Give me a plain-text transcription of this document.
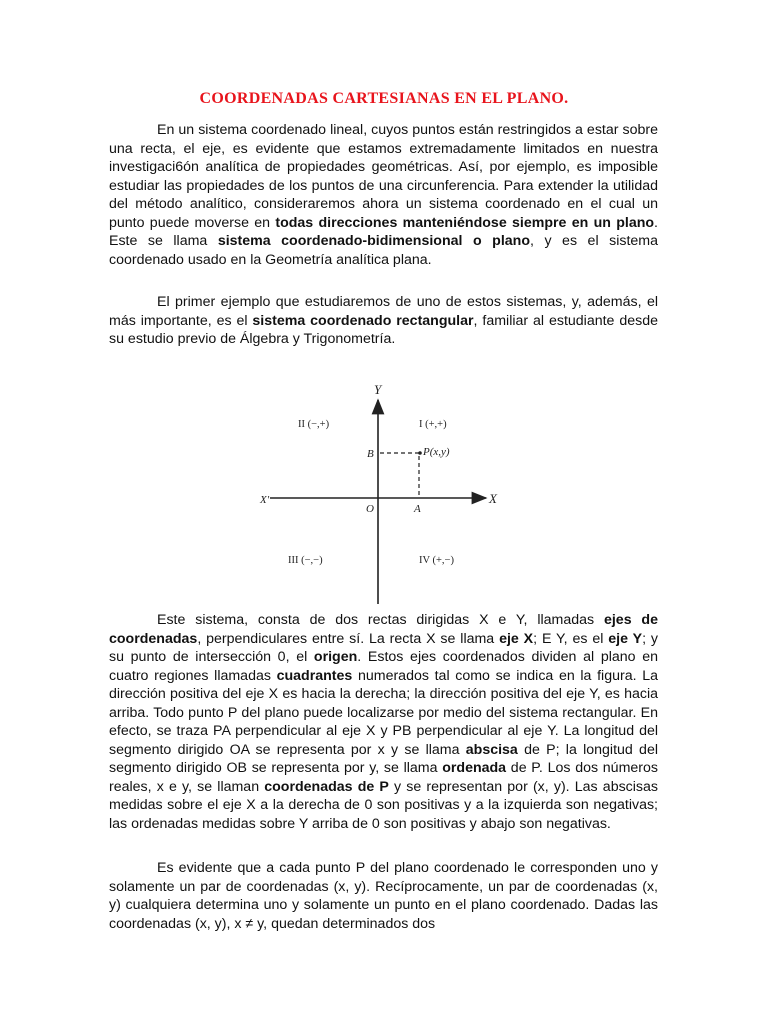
COORDENADAS CARTESIANAS EN EL PLANO.

En un sistema coordenado lineal, cuyos puntos están restringidos a estar sobre una recta, el eje, es evidente que estamos extremadamente limitados en nuestra investigaci6ón analítica de propiedades geométricas. Así, por ejemplo, es imposible estudiar las propiedades de los puntos de una circunferencia. Para extender la utilidad del método analítico, consideraremos ahora un sistema coordenado en el cual un punto puede moverse en todas direcciones manteniéndose siempre en un plano. Este se llama sistema coordenado-bidimensional o plano, y es el sistema coordenado usado en la Geometría analítica plana.

El primer ejemplo que estudiaremos de uno de estos sistemas, y, además, el más importante, es el sistema coordenado rectangular, familiar al estudiante desde su estudio previo de Álgebra y Trigonometría.

Y
X
X'
I (+,+)
II (−,+)
III (−,−)	IV (+,−)
B	P(x,y)
O	A

Este sistema, consta de dos rectas dirigidas X e Y, llamadas ejes de coordenadas, perpendiculares entre sí. La recta X se llama eje X; E Y, es el eje Y; y su punto de intersección 0, el origen. Estos ejes coordenados dividen al plano en cuatro regiones llamadas cuadrantes numerados tal como se indica en la figura. La dirección positiva del eje X es hacia la derecha; la dirección positiva del eje Y, es hacia arriba. Todo punto P del plano puede localizarse por medio del sistema rectangular. En efecto, se traza PA perpendicular al eje X y PB perpendicular al eje Y. La longitud del segmento dirigido OA se representa por x y se llama abscisa de P; la longitud del segmento dirigido OB se representa por y, se llama ordenada de P. Los dos números reales, x e y, se llaman coordenadas de P y se representan por (x, y). Las abscisas medidas sobre el eje X a la derecha de 0 son positivas y a la izquierda son negativas; las ordenadas medidas sobre Y arriba de 0 son positivas y abajo son negativas.

Es evidente que a cada punto P del plano coordenado le corresponden uno y solamente un par de coordenadas (x, y). Recíprocamente, un par de coordenadas (x, y) cualquiera determina uno y solamente un punto en el plano coordenado. Dadas las coordenadas (x, y), x ≠ y, quedan determinados dos
